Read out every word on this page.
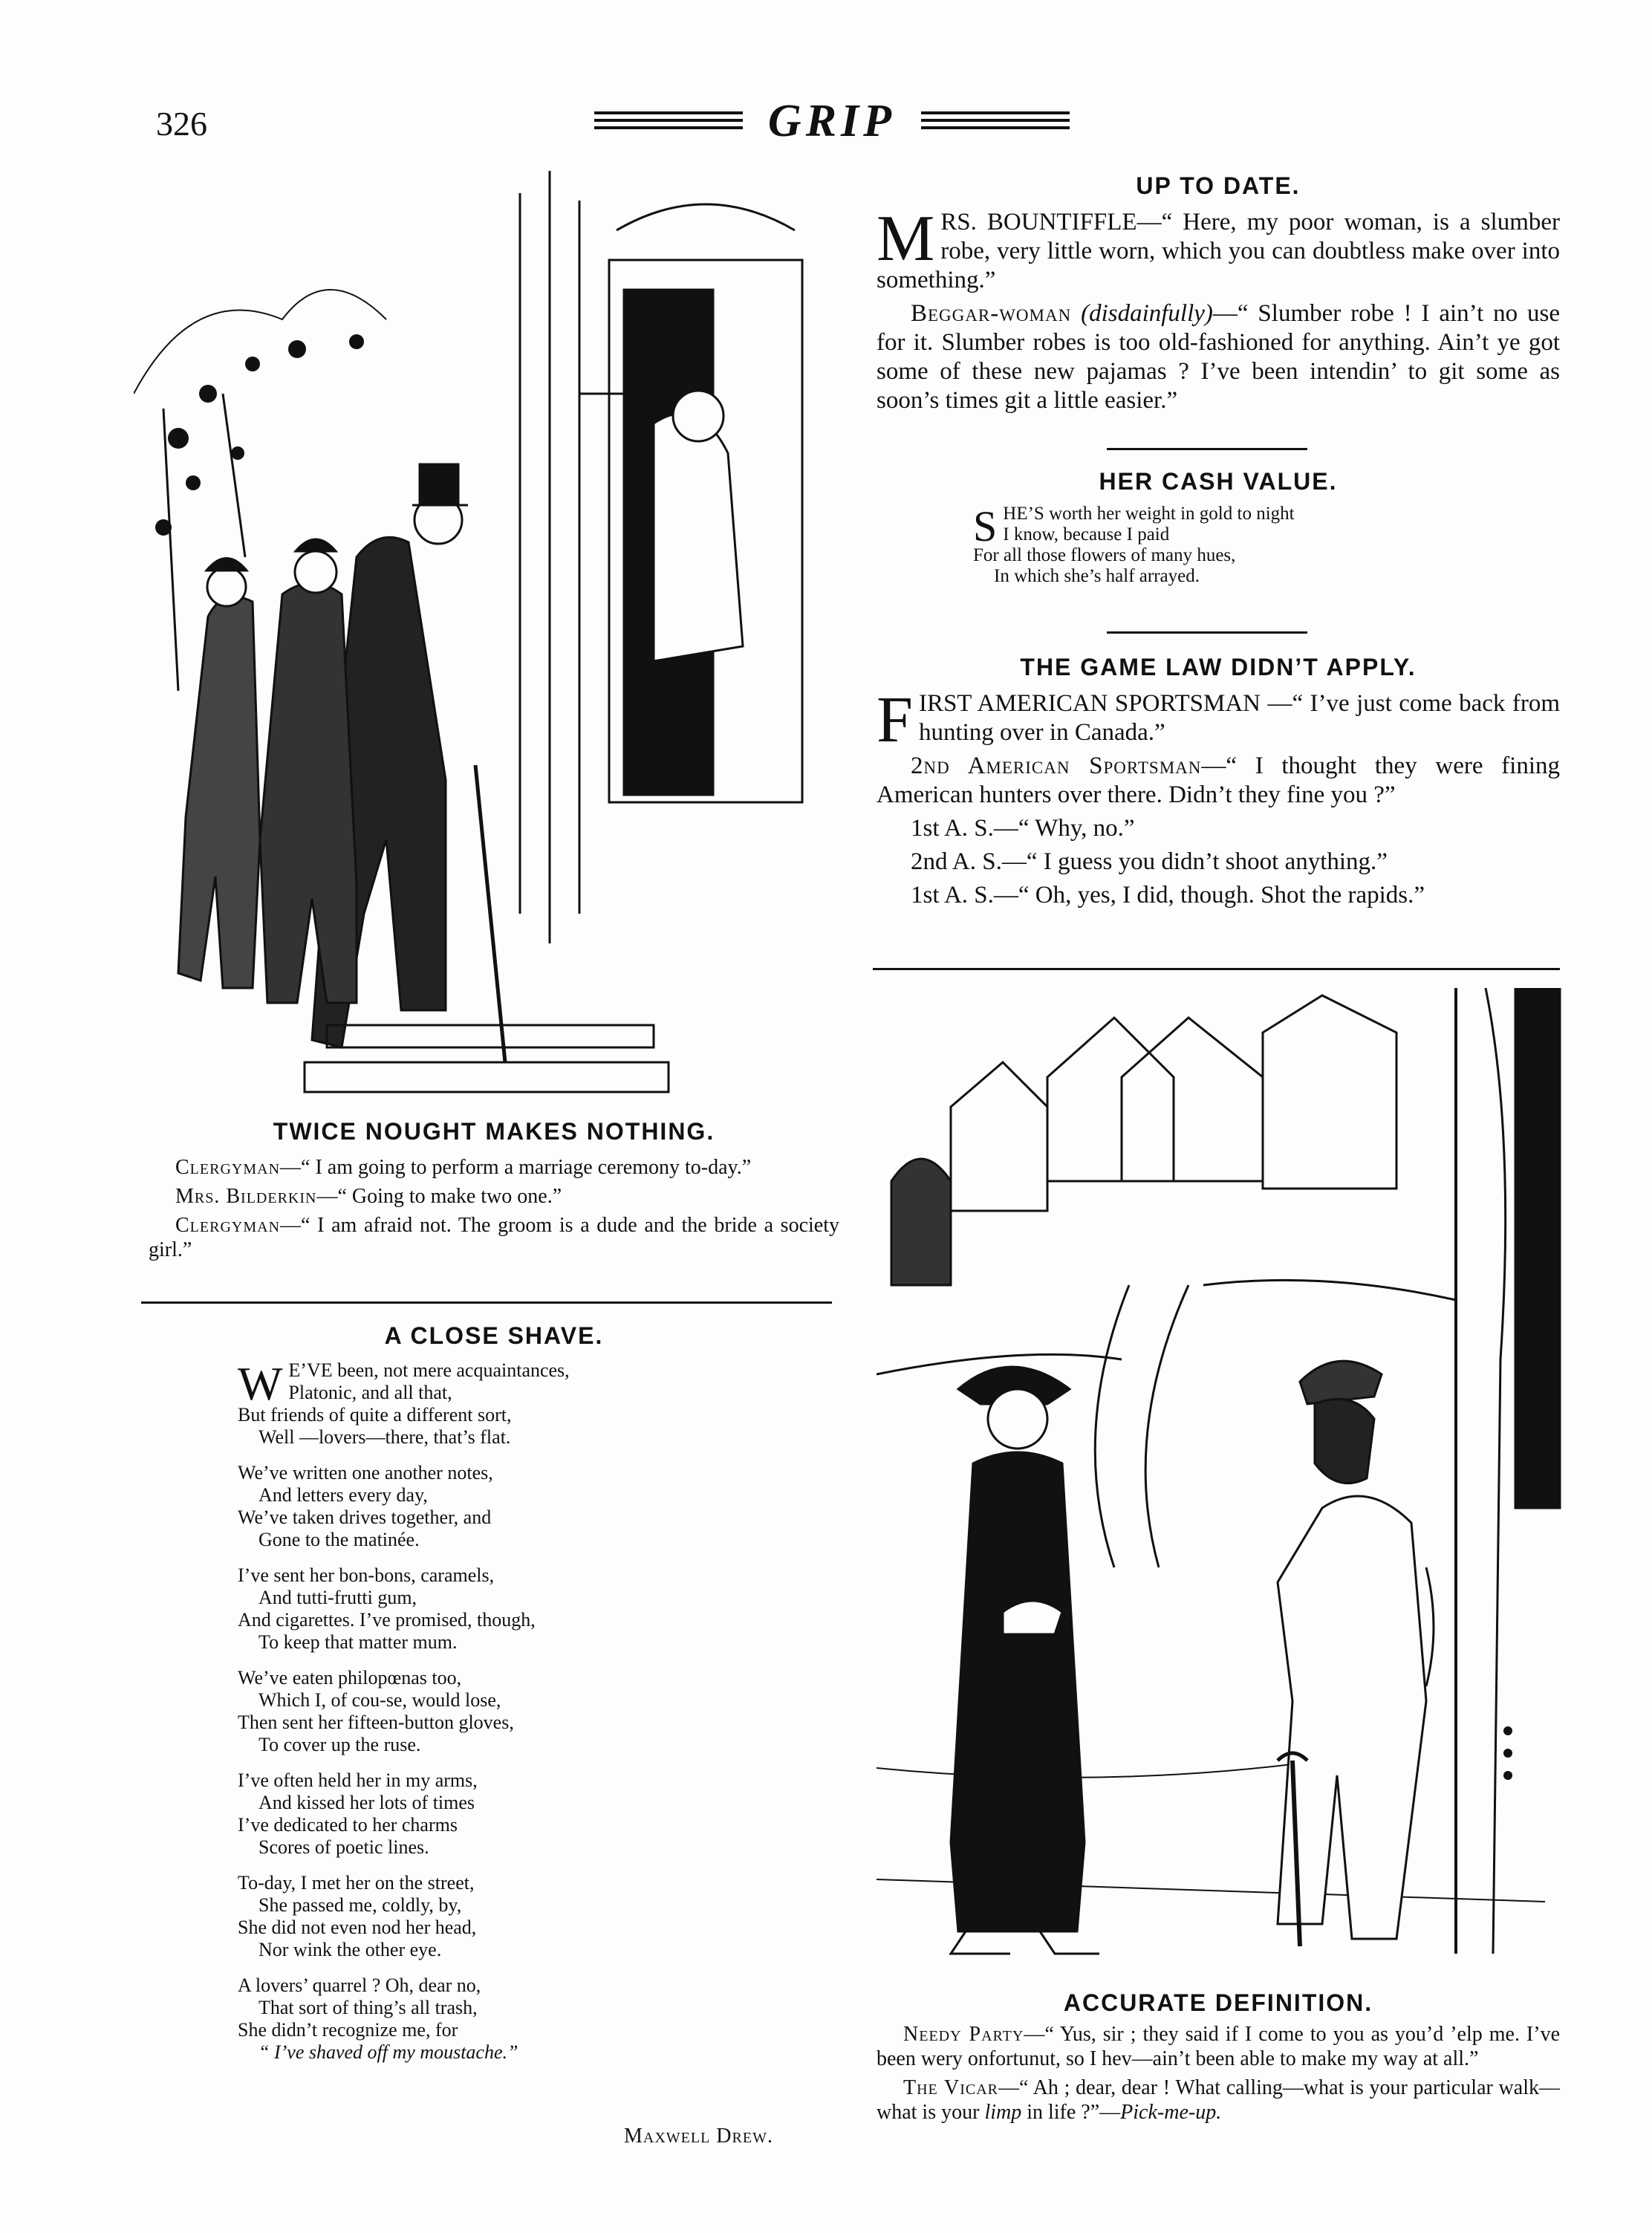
326	GRIP
TWICE NOUGHT MAKES NOTHING.

Clergyman—“ I am going to perform a marriage ceremony to-day.”

Mrs. Bilderkin—“ Going to make two one.”

Clergyman—“ I am afraid not. The groom is a dude and the bride a society girl.”

A CLOSE SHAVE.
W E’VE been, not mere acquaintances,
Platonic, and all that,
But friends of quite a different sort,
Well —lovers—there, that’s flat.
We’ve written one another notes,
And letters every day,
We’ve taken drives together, and
Gone to the matinée.
I’ve sent her bon-bons, caramels,
And tutti-frutti gum,
And cigarettes. I’ve promised, though,
To keep that matter mum.
We’ve eaten philopœnas too,
Which I, of cou-se, would lose,
Then sent her fifteen-button gloves,
To cover up the ruse.
I’ve often held her in my arms,
And kissed her lots of times
I’ve dedicated to her charms
Scores of poetic lines.
To-day, I met her on the street,
She passed me, coldly, by,
She did not even nod her head,
Nor wink the other eye.
A lovers’ quarrel ? Oh, dear no,
That sort of thing’s all trash,
She didn’t recognize me, for
“ I’ve shaved off my moustache.”
Maxwell Drew.
UP TO DATE.

MRS. BOUNTIFFLE—“ Here, my poor woman, is a slumber robe, very little worn, which you can doubtless make over into something.”

Beggar-woman (disdainfully)—“ Slumber robe ! I ain’t no use for it. Slumber robes is too old-fashioned for anything. Ain’t ye got some of these new pajamas ? I’ve been intendin’ to git some as soon’s times git a little easier.”

HER CASH VALUE.
S HE’S worth her weight in gold to night
I know, because I paid
For all those flowers of many hues,
In which she’s half arrayed.
THE GAME LAW DIDN’T APPLY.

FIRST AMERICAN SPORTSMAN —“ I’ve just come back from hunting over in Canada.”

2nd American Sportsman—“ I thought they were fining American hunters over there. Didn’t they fine you ?”

1st A. S.—“ Why, no.”

2nd A. S.—“ I guess you didn’t shoot anything.”

1st A. S.—“ Oh, yes, I did, though. Shot the rapids.”

ACCURATE DEFINITION.

Needy Party—“ Yus, sir ; they said if I come to you as you’d ’elp me. I’ve been wery onfortunut, so I hev—ain’t been able to make my way at all.”

The Vicar—“ Ah ; dear, dear ! What calling—what is your particular walk—what is your limp in life ?”—Pick-me-up.
